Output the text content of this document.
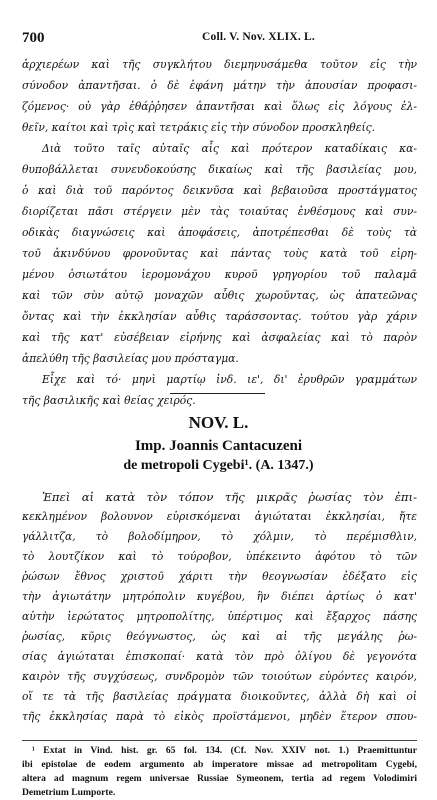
700	Coll. V. Nov. XLIX. L.
ἀρχιερέων καὶ τῆς συγκλήτου διεμηνυσάμεθα τοῦτον εἰς τὴν
σύνοδον ἀπαντῆσαι. ὁ δὲ ἐφάνη μάτην τὴν ἀπουσίαν προφασι-
ζόμενος· οὐ γὰρ ἐθάῤῥησεν ἀπαντῆσαι καὶ ὅλως εἰς λόγους ἐλ-
θεῖν, καίτοι καὶ τρὶς καὶ τετράκις εἰς τὴν σύνοδον προσκληθείς.
Διὰ τοῦτο ταῖς αὐταῖς αἷς καὶ πρότερον καταδίκαις κα-
θυποβάλλεται συνευδοκούσης δικαίως καὶ τῆς βασιλείας μου,
ὁ καὶ διὰ τοῦ παρόντος δεικνῦσα καὶ βεβαιοῦσα προστάγματος
διορίζεται πᾶσι στέργειν μὲν τὰς τοιαύτας ἐνθέσμους καὶ συν-
οδικὰς διαγνώσεις καὶ ἀποφάσεις, ἀποτρέπεσθαι δὲ τοὺς τὰ
τοῦ ἀκινδύνου φρονοῦντας καὶ πάντας τοὺς κατὰ τοῦ εἰρη-
μένου ὁσιωτάτου ἱερομονάχου κυροῦ γρηγορίου τοῦ παλαμᾶ
καὶ τῶν σὺν αὐτῷ μοναχῶν αὖθις χωροῦντας, ὡς ἀπατεῶνας
ὄντας καὶ τὴν ἐκκλησίαν αὖθις ταράσσοντας. τούτου γὰρ χάριν
καὶ τῆς κατ' εὐσέβειαν εἰρήνης καὶ ἀσφαλείας καὶ τὸ παρὸν
ἀπελύθη τῆς βασιλείας μου πρόσταγμα.
Εἶχε καὶ τό· μηνὶ μαρτίῳ ἰνδ. ιε', δι' ἐρυθρῶν γραμμάτων
τῆς βασιλικῆς καὶ θείας χειρός.
NOV. L.
Imp. Joannis Cantacuzeni
de metropoli Cygebi¹. (A. 1347.)
Ἐπεὶ αἱ κατὰ τὸν τόπον τῆς μικρᾶς ῥωσίας τὸν ἐπι-
κεκλημένον βολουνον εὑρισκόμεναι ἁγιώταται ἐκκλησίαι, ἤτε
γάλλιτζα, τὸ βολοδίμηρον, τὸ χόλμιν, τὸ περέμισθλιν,
τὸ λουτζίκον καὶ τὸ τούροβον, ὑπέκειντο ἀφότου τὸ τῶν
ῥώσων ἔθνος χριστοῦ χάριτι τὴν θεογνωσίαν ἐδέξατο εἰς
τὴν ἁγιωτάτην μητρόπολιν κυγέβου, ἣν διέπει ἀρτίως ὁ κατ'
αὐτὴν ἱερώτατος μητροπολίτης, ὑπέρτιμος καὶ ἔξαρχος πάσης
ῥωσίας, κῦρις θεόγνωστος, ὡς καὶ αἱ τῆς μεγάλης ῥω-
σίας ἁγιώταται ἐπισκοπαί· κατὰ τὸν πρὸ ὀλίγου δὲ γεγονότα
καιρὸν τῆς συγχύσεως, συνδρομὸν τῶν τοιούτων εὑρόντες καιρόν,
οἵ τε τὰ τῆς βασιλείας πράγματα διοικοῦντες, ἀλλὰ δὴ καὶ οἱ
τῆς ἐκκλησίας παρὰ τὸ εἰκὸς προϊστάμενοι, μηδὲν ἕτερον σπου-
¹ Extat in Vind. hist. gr. 65 fol. 134. (Cf. Nov. XXIV not. 1.) Praemittuntur
ibi epistolae de eodem argumento ab imperatore missae ad metropolitam Cygebi,
altera ad magnum regem universae Russiae Symeonem, tertia ad regem Volodimiri
Demetrium Lumporte.
